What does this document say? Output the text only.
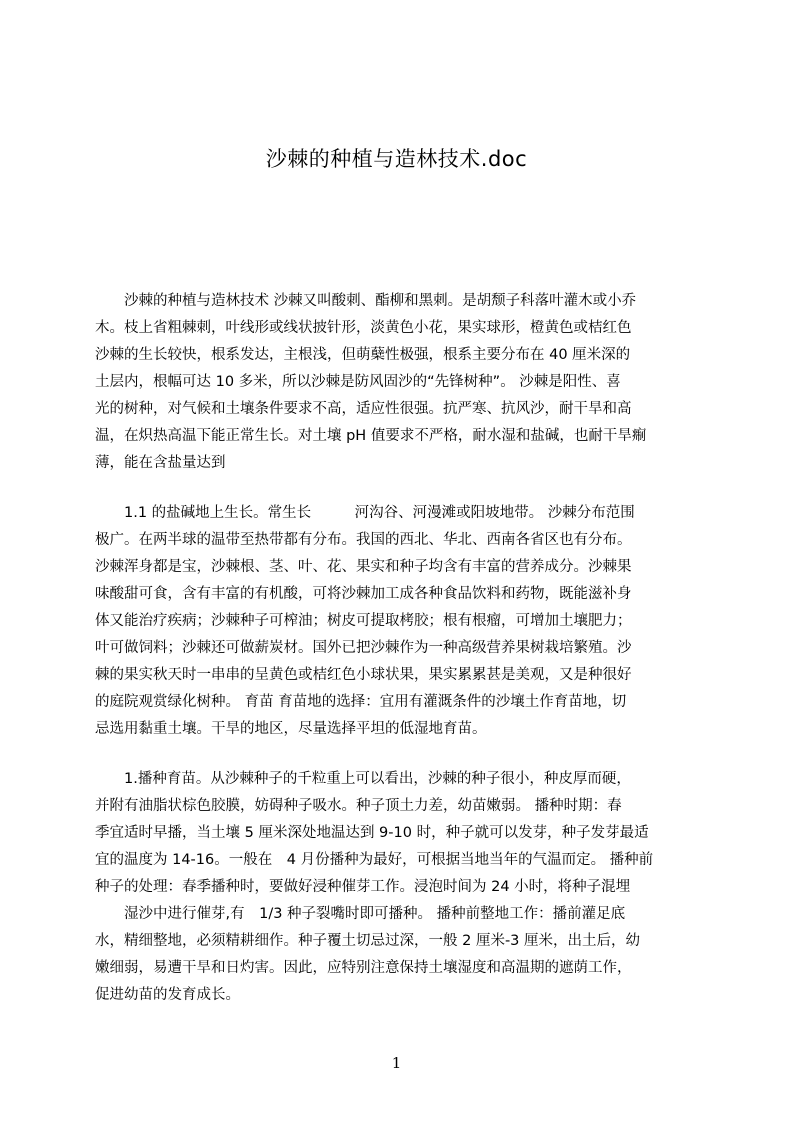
沙棘的种植与造林技术.doc
　　沙棘的种植与造林技术 沙棘又叫酸刺、酯柳和黑刺。是胡颓子科落叶灌木或小乔
木。枝上省粗棘刺，叶线形或线状披针形，淡黄色小花，果实球形，橙黄色或桔红色
沙棘的生长较快，根系发达，主根浅，但萌蘖性极强，根系主要分布在 40 厘米深的
土层内，根幅可达 10 多米，所以沙棘是防风固沙的“先锋树种”。 沙棘是阳性、喜
光的树种，对气候和土壤条件要求不高，适应性很强。抗严寒、抗风沙，耐干旱和高
温，在炽热高温下能正常生长。对土壤 pH 值要求不严格，耐水湿和盐碱，也耐干旱痸
薄，能在含盐量达到
　　1.1 的盐碱地上生长。常生长　　　河沟谷、河漫滩或阳坡地带。 沙棘分布范围
极广。在两半球的温带至热带都有分布。我国的西北、华北、西南各省区也有分布。
沙棘浑身都是宝，沙棘根、茎、叶、花、果实和种子均含有丰富的营养成分。沙棘果
味酸甜可食，含有丰富的有机酸，可将沙棘加工成各种食品饮料和药物，既能滋补身
体又能治疗疾病；沙棘种子可榨油；树皮可提取栲胶；根有根瘤，可增加土壤肥力；
叶可做饲料；沙棘还可做薪炭材。国外已把沙棘作为一种高级营养果树栽培繁殖。沙
棘的果实秋天时一串串的呈黄色或桔红色小球状果，果实累累甚是美观，又是种很好
的庭院观赏绿化树种。 育苗 育苗地的选择：宜用有灌溉条件的沙壤土作育苗地，切
忌选用黏重土壤。干旱的地区，尽量选择平坦的低湿地育苗。
　　1.播种育苗。从沙棘种子的千粒重上可以看出，沙棘的种子很小，种皮厚而硬，
并附有油脂状棕色胶膜，妨碍种子吸水。种子顶土力差，幼苗嫩弱。 播种时期：春
季宜适时早播，当土壤 5 厘米深处地温达到 9-10 时，种子就可以发芽，种子发芽最适
宜的温度为 14-16。一般在　4 月份播种为最好，可根据当地当年的气温而定。 播种前
种子的处理：春季播种时，要做好浸种催芽工作。浸泡时间为 24 小时，将种子混埋
　　湿沙中进行催芽,有　1/3 种子裂嘴时即可播种。 播种前整地工作：播前灌足底
水，精细整地，必须精耕细作。种子覆土切忌过深，一般 2 厘米-3 厘米，出土后，幼
嫩细弱，易遭干旱和日灼害。因此，应特别注意保持土壤湿度和高温期的遮荫工作，
促进幼苗的发育成长。
1
